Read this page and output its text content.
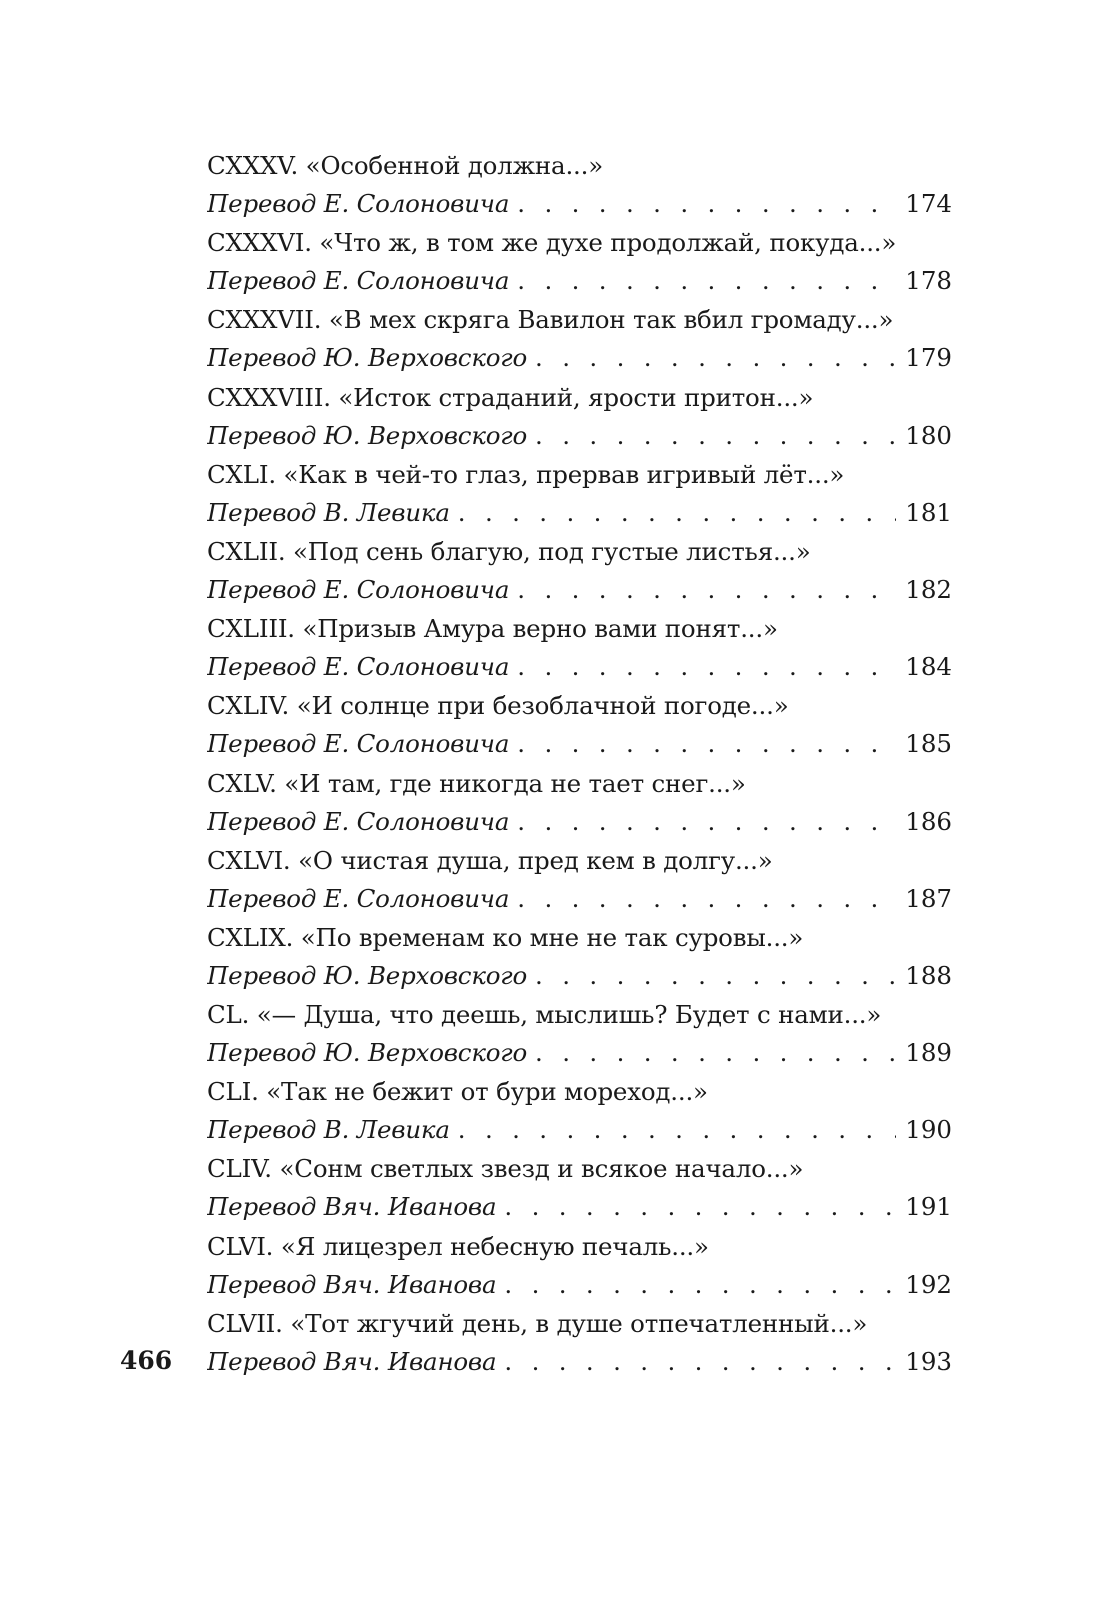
CXXXV. «Особенной должна...»
Перевод Е. Солоновича . . .	174
CXXXVI. «Что ж, в том же духе продолжай, покуда...»
Перевод Е. Солоновича . . .	178
CXXXVII. «В мех скряга Вавилон так вбил громаду...»
Перевод Ю. Верховского . . .	179
CXXXVIII. «Исток страданий, ярости притон...»
Перевод Ю. Верховского . . .	180
CXLI. «Как в чей-то глаз, прервав игривый лёт...»
Перевод В. Левика . . .	181
CXLII. «Под сень благую, под густые листья...»
Перевод Е. Солоновича . . .	182
CXLIII. «Призыв Амура верно вами понят...»
Перевод Е. Солоновича . . .	184
CXLIV. «И солнце при безоблачной погоде...»
Перевод Е. Солоновича . . .	185
CXLV. «И там, где никогда не тает снег...»
Перевод Е. Солоновича . . .	186
CXLVI. «О чистая душа, пред кем в долгу...»
Перевод Е. Солоновича . . .	187
CXLIX. «По временам ко мне не так суровы...»
Перевод Ю. Верховского . . .	188
CL. «— Душа, что деешь, мыслишь? Будет с нами...»
Перевод Ю. Верховского . . .	189
CLI. «Так не бежит от бури мореход...»
Перевод В. Левика . . .	190
CLIV. «Сонм светлых звезд и всякое начало...»
Перевод Вяч. Иванова . . .	191
CLVI. «Я лицезрел небесную печаль...»
Перевод Вяч. Иванова . . .	192
CLVII. «Тот жгучий день, в душе отпечатленный...»
Перевод Вяч. Иванова . . .	193
466
